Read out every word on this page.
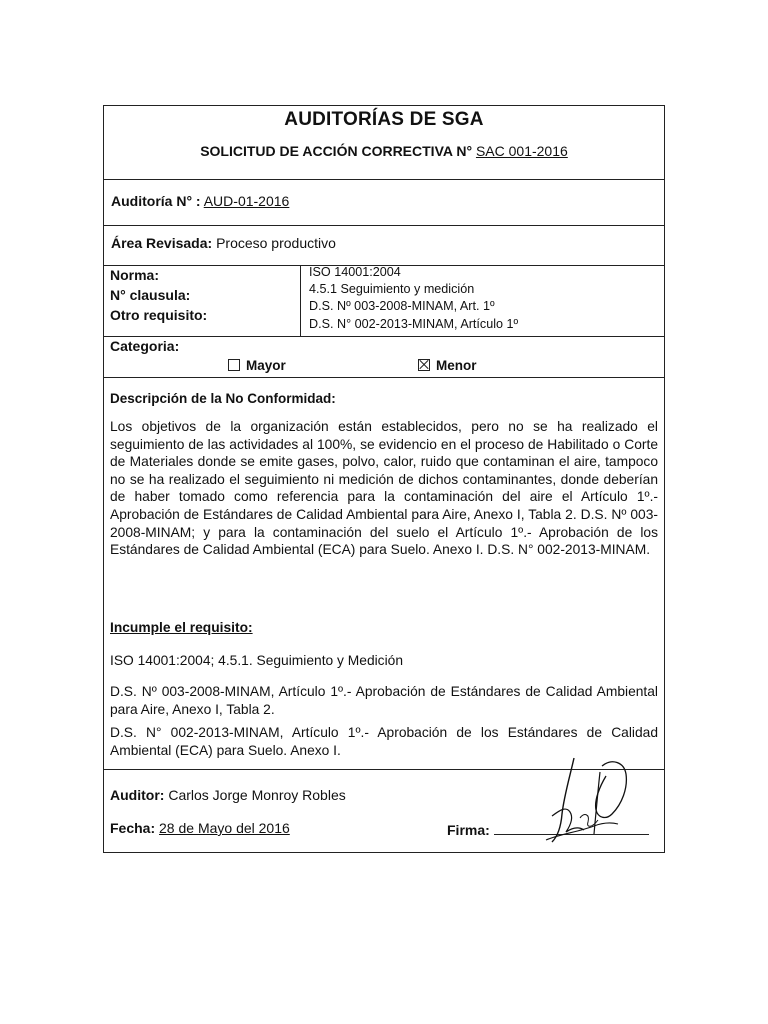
AUDITORÍAS DE SGA
SOLICITUD DE ACCIÓN CORRECTIVA N° SAC 001-2016
Auditoría N° : AUD-01-2016
Área Revisada: Proceso productivo
Norma:
N° clausula:
Otro requisito:
ISO 14001:2004
4.5.1 Seguimiento y medición
D.S. Nº 003-2008-MINAM, Art. 1º
D.S. N° 002-2013-MINAM, Artículo 1º
Categoria:
Mayor	Menor
Descripción de la No Conformidad:
Los objetivos de la organización están establecidos, pero no se ha realizado el seguimiento de las actividades al 100%, se evidencio en el proceso de Habilitado o Corte de Materiales donde se emite gases, polvo, calor, ruido que contaminan el aire, tampoco no se ha realizado el seguimiento ni medición de dichos contaminantes, donde deberían de haber tomado como referencia para la contaminación del aire el Artículo 1º.- Aprobación de Estándares de Calidad Ambiental para Aire, Anexo I, Tabla 2. D.S. Nº 003-2008-MINAM; y para la contaminación del suelo el Artículo 1º.- Aprobación de los Estándares de Calidad Ambiental (ECA) para Suelo. Anexo I. D.S. N° 002-2013-MINAM.
Incumple el requisito:
ISO 14001:2004; 4.5.1. Seguimiento y Medición
D.S. Nº 003-2008-MINAM, Artículo 1º.- Aprobación de Estándares de Calidad Ambiental para Aire, Anexo I, Tabla 2.
D.S. N° 002-2013-MINAM, Artículo 1º.- Aprobación de los Estándares de Calidad Ambiental (ECA) para Suelo. Anexo I.
Auditor: Carlos Jorge Monroy Robles
Fecha: 28 de Mayo del 2016	Firma:
